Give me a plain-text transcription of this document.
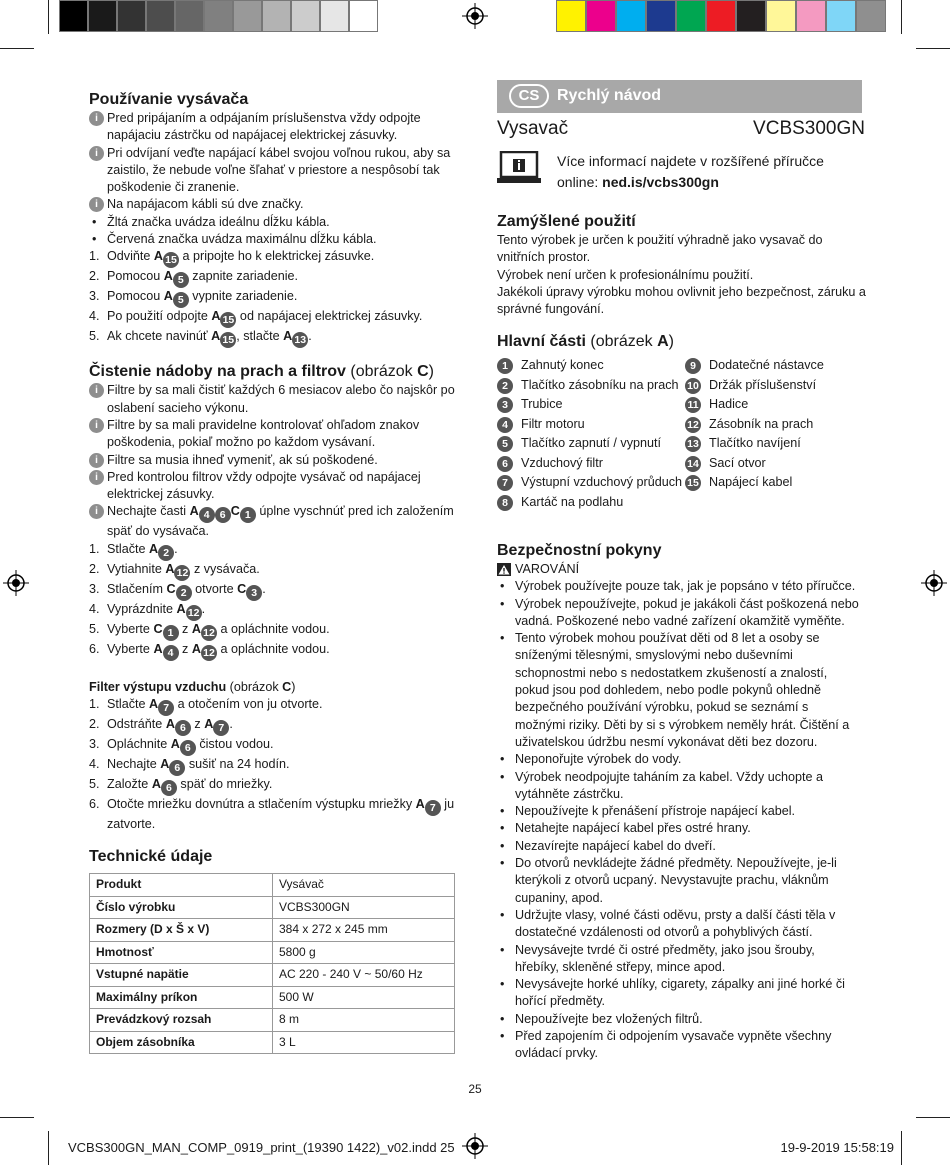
Používanie vysávača
i Pred pripájaním a odpájaním príslušenstva vždy odpojte napájaciu zástrčku od napájacej elektrickej zásuvky.
i Pri odvíjaní veďte napájací kábel svojou voľnou rukou, aby sa zaistilo, že nebude voľne šľahať v priestore a nespôsobí tak poškodenie či zranenie.
i Na napájacom kábli sú dve značky.
• Žltá značka uvádza ideálnu dĺžku kábla.
• Červená značka uvádza maximálnu dĺžku kábla.
1. Odviňte A 15 a pripojte ho k elektrickej zásuvke.
2. Pomocou A 5 zapnite zariadenie.
3. Pomocou A 5 vypnite zariadenie.
4. Po použití odpojte A 15 od napájacej elektrickej zásuvky.
5. Ak chcete navinúť A 15 , stlačte A 13 .
Čistenie nádoby na prach a filtrov (obrázok C)
i Filtre by sa mali čistiť každých 6 mesiacov alebo čo najskôr po oslabení sacieho výkonu.
i Filtre by sa mali pravidelne kontrolovať ohľadom znakov poškodenia, pokiaľ možno po každom vysávaní.
i Filtre sa musia ihneď vymeniť, ak sú poškodené.
i Pred kontrolou filtrov vždy odpojte vysávač od napájacej elektrickej zásuvky.
i Nechajte časti A 4 6 C 1 úplne vyschnúť pred ich založením späť do vysávača.
1. Stlačte A 2 .
2. Vytiahnite A 12 z vysávača.
3. Stlačením C 2 otvorte C 3 .
4. Vyprázdnite A 12 .
5. Vyberte C 1 z A 12 a opláchnite vodou.
6. Vyberte A 4 z A 12 a opláchnite vodou.
Filter výstupu vzduchu (obrázok C)
1. Stlačte A 7 a otočením von ju otvorte.
2. Odstráňte A 6 z A 7 .
3. Opláchnite A 6 čistou vodou.
4. Nechajte A 6 sušiť na 24 hodín.
5. Založte A 6 späť do mriežky.
6. Otočte mriežku dovnútra a stlačením výstupku mriežky A 7 ju zatvorte.
Technické údaje
Produkt	Vysávač
Číslo výrobku	VCBS300GN
Rozmery (D x Š x V)	384 x 272 x 245 mm
Hmotnosť	5800 g
Vstupné napätie	AC 220 - 240 V ~ 50/60 Hz
Maximálny príkon	500 W
Prevádzkový rozsah	8 m
Objem zásobníka	3 L
CS	Rychlý návod
Vysavač	VCBS300GN
Více informací najdete v rozšířené příručce
online: ned.is/vcbs300gn
Zamýšlené použití
Tento výrobek je určen k použití výhradně jako vysavač do vnitřních prostor.
Výrobek není určen k profesionálnímu použití.
Jakékoli úpravy výrobku mohou ovlivnit jeho bezpečnost, záruku a správné fungování.
Hlavní části (obrázek A)
1	Zahnutý konec
2	Tlačítko zásobníku na prach
3	Trubice
4	Filtr motoru
5	Tlačítko zapnutí / vypnutí
6	Vzduchový filtr
7	Výstupní vzduchový průduch
8	Kartáč na podlahu
9	Dodatečné nástavce
10 Držák příslušenství
11 Hadice
12 Zásobník na prach
13 Tlačítko navíjení
14 Sací otvor
15 Napájecí kabel
Bezpečnostní pokyny
VAROVÁNÍ
• Výrobek používejte pouze tak, jak je popsáno v této příručce.
• Výrobek nepoužívejte, pokud je jakákoli část poškozená nebo vadná. Poškozené nebo vadné zařízení okamžitě vyměňte.
• Tento výrobek mohou používat děti od 8 let a osoby se sníženými tělesnými, smyslovými nebo duševními schopnostmi nebo s nedostatkem zkušeností a znalostí, pokud jsou pod dohledem, nebo podle pokynů ohledně bezpečného používání výrobku, pokud se seznámí s možnými riziky. Děti by si s výrobkem neměly hrát. Čištění a uživatelskou údržbu nesmí vykonávat děti bez dozoru.
• Neponořujte výrobek do vody.
• Výrobek neodpojujte taháním za kabel. Vždy uchopte a vytáhněte zástrčku.
• Nepoužívejte k přenášení přístroje napájecí kabel.
• Netahejte napájecí kabel přes ostré hrany.
• Nezavírejte napájecí kabel do dveří.
• Do otvorů nevkládejte žádné předměty. Nepoužívejte, je-li kterýkoli z otvorů ucpaný. Nevystavujte prachu, vláknům cupaniny, apod.
• Udržujte vlasy, volné části oděvu, prsty a další části těla v dostatečné vzdálenosti od otvorů a pohyblivých částí.
• Nevysávejte tvrdé či ostré předměty, jako jsou šrouby, hřebíky, skleněné střepy, mince apod.
• Nevysávejte horké uhlíky, cigarety, zápalky ani jiné horké či hořící předměty.
• Nepoužívejte bez vložených filtrů.
• Před zapojením či odpojením vysavače vypněte všechny ovládací prvky.
25
VCBS300GN_MAN_COMP_0919_print_(19390 1422)_v02.indd 25	19-9-2019 15:58:19
